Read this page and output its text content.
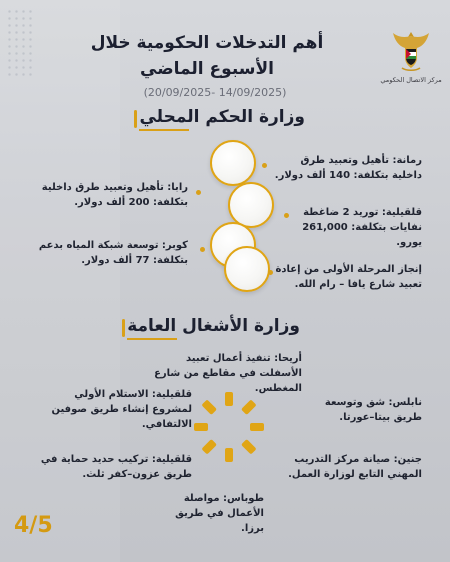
مركز الاتصال الحكومي
أهم التدخلات الحكومية خلال
الأسبوع الماضي
(14/09/2025 -20/09/2025)
وزارة الحكم المحلي
رمانة: تأهيل وتعبيد طرق داخلية بتكلفة: 140 ألف دولار.
رابا: تأهيل وتعبيد طرق داخلية بتكلفة: 200 ألف دولار.
قلقيلية: توريد 2 ضاغطة نفايات بتكلفة: 261,000 يورو.
كوبر: توسعة شبكة المياه بدعم بتكلفة: 77 ألف دولار.
إنجاز المرحلة الأولى من إعادة تعبيد شارع يافا – رام الله.
وزارة الأشغال العامة
أريحا: تنفيذ أعمال تعبيد الأسفلت في مقاطع من شارع المغطس.
قلقيلية: الاستلام الأولي لمشروع إنشاء طريق صوفين الالتفافي.
نابلس: شق وتوسعة طريق بيتا–عورتا.
قلقيلية: تركيب حديد حماية في طريق عزون–كفر ثلث.
جنين: صيانة مركز التدريب المهني التابع لوزارة العمل.
طوباس: مواصلة الأعمال في طريق برزا.
4/5
